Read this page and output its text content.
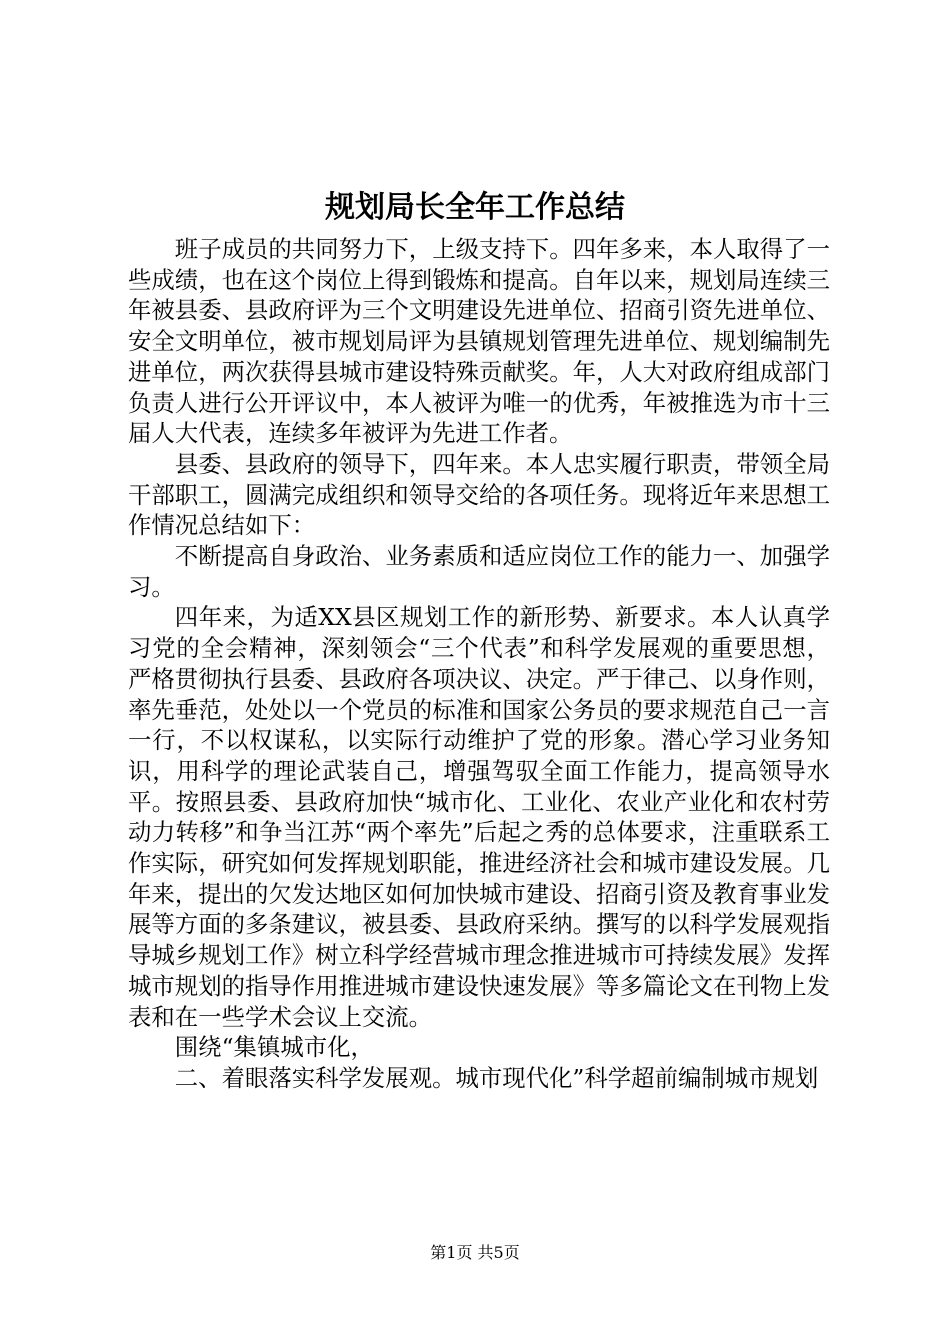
规划局长全年工作总结

班子成员的共同努力下，上级支持下。四年多来，本人取得了一些成绩，也在这个岗位上得到锻炼和提高。自年以来，规划局连续三年被县委、县政府评为三个文明建设先进单位、招商引资先进单位、安全文明单位，被市规划局评为县镇规划管理先进单位、规划编制先进单位，两次获得县城市建设特殊贡献奖。年，人大对政府组成部门负责人进行公开评议中，本人被评为唯一的优秀，年被推选为市十三届人大代表，连续多年被评为先进工作者。

县委、县政府的领导下，四年来。本人忠实履行职责，带领全局干部职工，圆满完成组织和领导交给的各项任务。现将近年来思想工作情况总结如下：

不断提高自身政治、业务素质和适应岗位工作的能力一、加强学习。

四年来，为适XX县区规划工作的新形势、新要求。本人认真学习党的全会精神，深刻领会“三个代表”和科学发展观的重要思想，严格贯彻执行县委、县政府各项决议、决定。严于律己、以身作则，率先垂范，处处以一个党员的标准和国家公务员的要求规范自己一言一行，不以权谋私，以实际行动维护了党的形象。潜心学习业务知识，用科学的理论武装自己，增强驾驭全面工作能力，提高领导水平。按照县委、县政府加快“城市化、工业化、农业产业化和农村劳动力转移”和争当江苏“两个率先”后起之秀的总体要求，注重联系工作实际，研究如何发挥规划职能，推进经济社会和城市建设发展。几年来，提出的欠发达地区如何加快城市建设、招商引资及教育事业发展等方面的多条建议，被县委、县政府采纳。撰写的以科学发展观指导城乡规划工作》树立科学经营城市理念推进城市可持续发展》发挥城市规划的指导作用推进城市建设快速发展》等多篇论文在刊物上发表和在一些学术会议上交流。

围绕“集镇城市化，

二、着眼落实科学发展观。城市现代化”科学超前编制城市规划

第1页 共5页
